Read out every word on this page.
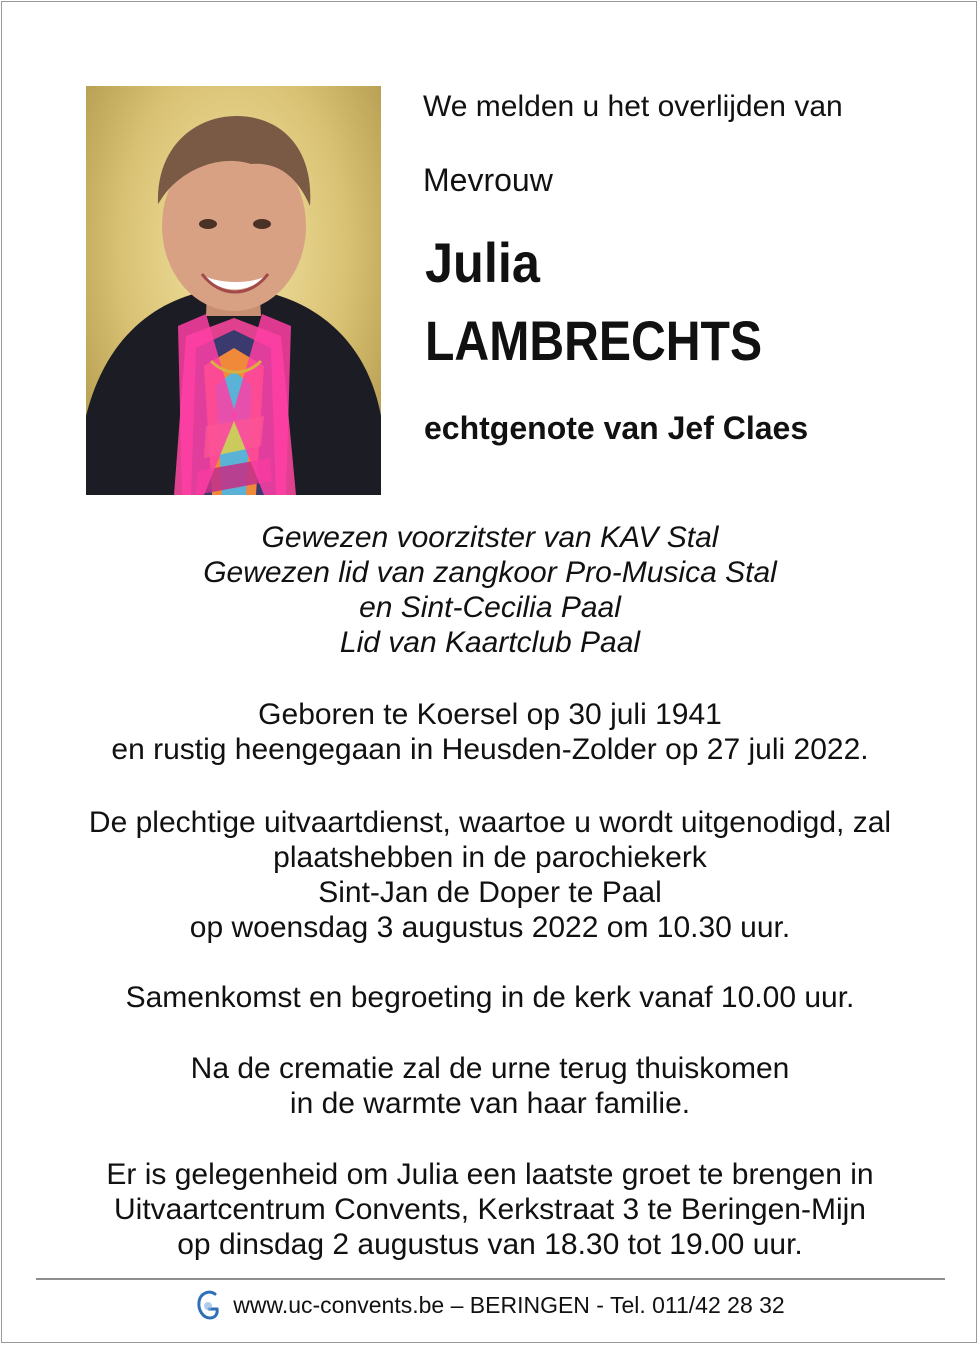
We melden u het overlijden van
Mevrouw
Julia
LAMBRECHTS
echtgenote van Jef Claes
Gewezen voorzitster van KAV Stal
Gewezen lid van zangkoor Pro-Musica Stal
en Sint-Cecilia Paal
Lid van Kaartclub Paal
Geboren te Koersel op 30 juli 1941
en rustig heengegaan in Heusden-Zolder op 27 juli 2022.
De plechtige uitvaartdienst, waartoe u wordt uitgenodigd, zal
plaatshebben in de parochiekerk
Sint-Jan de Doper te Paal
op woensdag 3 augustus 2022 om 10.30 uur.
Samenkomst en begroeting in de kerk vanaf 10.00 uur.
Na de crematie zal de urne terug thuiskomen
in de warmte van haar familie.
Er is gelegenheid om Julia een laatste groet te brengen in
Uitvaartcentrum Convents, Kerkstraat 3 te Beringen-Mijn
op dinsdag 2 augustus van 18.30 tot 19.00 uur.
www.uc-convents.be – BERINGEN - Tel. 011/42 28 32
